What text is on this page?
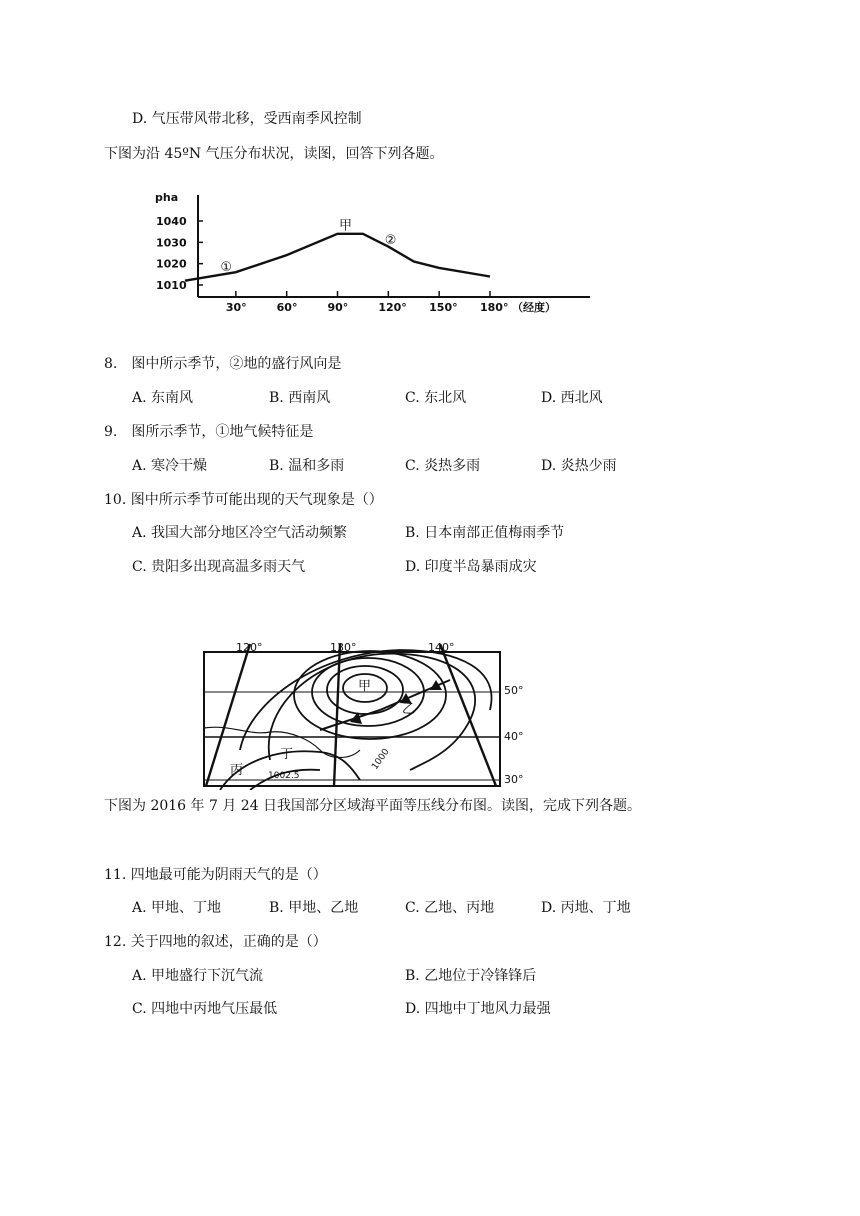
D. 气压带风带北移，受西南季风控制
下图为沿 45ºN 气压分布状况，读图，回答下列各题。
pha
1040
1030
1020
1010
30°	60°	90°	120° 150° 180°
甲
①
②
（经度）
8.　图中所示季节，②地的盛行风向是
A. 东南风	B. 西南风	C. 东北风	D. 西北风
9.　图所示季节，①地气候特征是
A. 寒冷干燥	B. 温和多雨	C. 炎热多雨	D. 炎热少雨
10. 图中所示季节可能出现的天气现象是（）
A. 我国大部分地区冷空气活动频繁	B. 日本南部正值梅雨季节
C. 贵阳多出现高温多雨天气	D. 印度半岛暴雨成灾
120°	130°	140°
50°
40°
30°
甲
乙
丙
丁
1002.5
1000
下图为 2016 年 7 月 24 日我国部分区域海平面等压线分布图。读图，完成下列各题。
11. 四地最可能为阴雨天气的是（）
A. 甲地、丁地	B. 甲地、乙地	C. 乙地、丙地	D. 丙地、丁地
12. 关于四地的叙述，正确的是（）
A. 甲地盛行下沉气流	B. 乙地位于冷锋锋后
C. 四地中丙地气压最低	D. 四地中丁地风力最强
